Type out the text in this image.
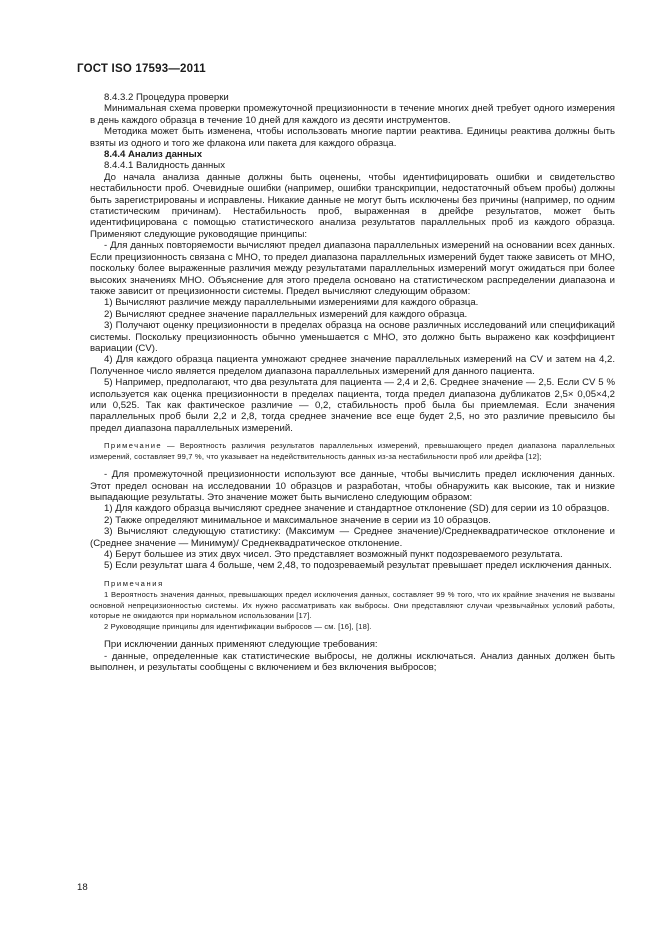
ГОСТ ISO 17593—2011

8.4.3.2 Процедура проверки

Минимальная схема проверки промежуточной прецизионности в течение многих дней требует одного измерения в день каждого образца в течение 10 дней для каждого из десяти инструментов.

Методика может быть изменена, чтобы использовать многие партии реактива. Единицы реактива должны быть взяты из одного и того же флакона или пакета для каждого образца.

8.4.4 Анализ данных

8.4.4.1 Валидность данных

До начала анализа данные должны быть оценены, чтобы идентифицировать ошибки и свидетельство нестабильности проб. Очевидные ошибки (например, ошибки транскрипции, недостаточный объем пробы) должны быть зарегистрированы и исправлены. Никакие данные не могут быть исключены без причины (например, по одним статистическим причинам). Нестабильность проб, выраженная в дрейфе результатов, может быть идентифицирована с помощью статистического анализа результатов параллельных проб из каждого образца. Применяют следующие руководящие принципы:

- Для данных повторяемости вычисляют предел диапазона параллельных измерений на основании всех данных. Если прецизионность связана с МНО, то предел диапазона параллельных измерений будет также зависеть от МНО, поскольку более выраженные различия между результатами параллельных измерений могут ожидаться при более высоких значениях МНО. Объяснение для этого предела основано на статистическом распределении диапазона и также зависит от прецизионности системы. Предел вычисляют следующим образом:

1) Вычисляют различие между параллельными измерениями для каждого образца.

2) Вычисляют среднее значение параллельных измерений для каждого образца.

3) Получают оценку прецизионности в пределах образца на основе различных исследований или спецификаций системы. Поскольку прецизионность обычно уменьшается с МНО, это должно быть выражено как коэффициент вариации (CV).

4) Для каждого образца пациента умножают среднее значение параллельных измерений на CV и затем на 4,2. Полученное число является пределом диапазона параллельных измерений для данного пациента.

5) Например, предполагают, что два результата для пациента — 2,4 и 2,6. Среднее значение — 2,5. Если CV 5 % используется как оценка прецизионности в пределах пациента, тогда предел диапазона дубликатов 2,5× 0,05×4,2 или 0,525. Так как фактическое различие — 0,2, стабильность проб была бы приемлемая. Если значения параллельных проб были 2,2 и 2,8, тогда среднее значение все еще будет 2,5, но это различие превысило бы предел диапазона параллельных измерений.

Примечание — Вероятность различия результатов параллельных измерений, превышающего предел диапазона параллельных измерений, составляет 99,7 %, что указывает на недействительность данных из-за нестабильности проб или дрейфа [12];

- Для промежуточной прецизионности используют все данные, чтобы вычислить предел исключения данных. Этот предел основан на исследовании 10 образцов и разработан, чтобы обнаружить как высокие, так и низкие выпадающие результаты. Это значение может быть вычислено следующим образом:

1) Для каждого образца вычисляют среднее значение и стандартное отклонение (SD) для серии из 10 образцов.

2) Также определяют минимальное и максимальное значение в серии из 10 образцов.

3) Вычисляют следующую статистику: (Максимум — Среднее значение)/Среднеквадратическое отклонение и (Среднее значение — Минимум)/ Среднеквадратическое отклонение.

4) Берут большее из этих двух чисел. Это представляет возможный пункт подозреваемого результата.

5) Если результат шага 4 больше, чем 2,48, то подозреваемый результат превышает предел исключения данных.

Примечания

1 Вероятность значения данных, превышающих предел исключения данных, составляет 99 % того, что их крайние значения не вызваны основной непрецизионностью системы. Их нужно рассматривать как выбросы. Они представляют случаи чрезвычайных условий работы, которые не ожидаются при нормальном использовании [17].

2 Руководящие принципы для идентификации выбросов — см. [16], [18].

При исключении данных применяют следующие требования:

- данные, определенные как статистические выбросы, не должны исключаться. Анализ данных должен быть выполнен, и результаты сообщены с включением и без включения выбросов;

18
